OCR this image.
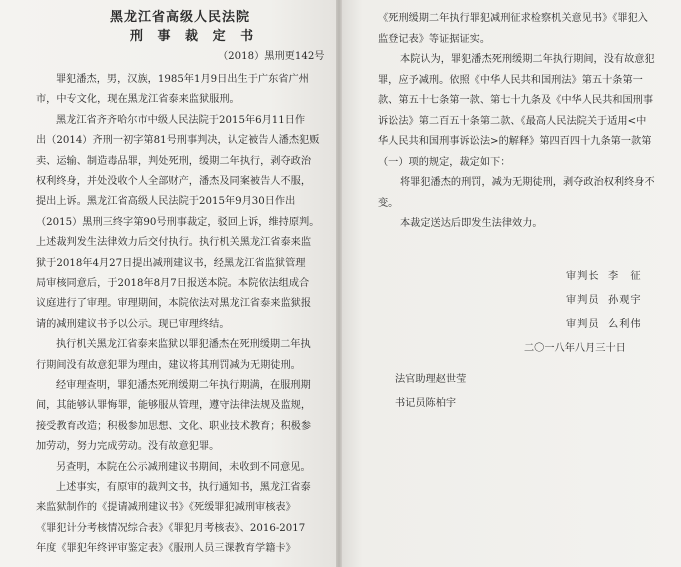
黑龙江省高级人民法院
刑 事 裁 定 书
（2018）黑刑更142号
罪犯潘杰，男，汉族，1985年1月9日出生于广东省广州
市，中专文化，现在黑龙江省泰来监狱服刑。
黑龙江省齐齐哈尔市中级人民法院于2015年6月11日作
出（2014）齐刑一初字第81号刑事判决，认定被告人潘杰犯贩
卖、运输、制造毒品罪，判处死刑，缓期二年执行，剥夺政治
权利终身，并处没收个人全部财产，潘杰及同案被告人不服，
提出上诉。黑龙江省高级人民法院于2015年9月30日作出
（2015）黑刑三终字第90号刑事裁定，驳回上诉，维持原判。
上述裁判发生法律效力后交付执行。执行机关黑龙江省泰来监
狱于2018年4月27日提出减刑建议书，经黑龙江省监狱管理
局审核同意后，于2018年8月7日报送本院。本院依法组成合
议庭进行了审理。审理期间，本院依法对黑龙江省泰来监狱报
请的减刑建议书予以公示。现已审理终结。
执行机关黑龙江省泰来监狱以罪犯潘杰在死刑缓期二年执
行期间没有故意犯罪为理由，建议将其刑罚减为无期徒刑。
经审理查明，罪犯潘杰死刑缓期二年执行期满，在服刑期
间，其能够认罪悔罪，能够服从管理，遵守法律法规及监规，
接受教育改造；积极参加思想、文化、职业技术教育；积极参
加劳动，努力完成劳动。没有故意犯罪。
另查明，本院在公示减刑建议书期间，未收到不同意见。
上述事实，有原审的裁判文书，执行通知书，黑龙江省泰
来监狱制作的《提请减刑建议书》《死缓罪犯减刑审核表》
《罪犯计分考核情况综合表》《罪犯月考核表》、2016-2017
年度《罪犯年终评审鉴定表》《服刑人员三课教育学籍卡》
《死刑缓期二年执行罪犯减刑征求检察机关意见书》《罪犯入
监登记表》等证据证实。
本院认为，罪犯潘杰死刑缓期二年执行期间，没有故意犯
罪，应予减刑。依照《中华人民共和国刑法》第五十条第一
款、第五十七条第一款、第七十九条及《中华人民共和国刑事
诉讼法》第二百五十条第二款、《最高人民法院关于适用<中
华人民共和国刑事诉讼法>的解释》第四百四十九条第一款第
（一）项的规定，裁定如下：
将罪犯潘杰的刑罚，减为无期徒刑，剥夺政治权利终身不
变。
本裁定送达后即发生法律效力。
审判长 李　征
审判员 孙观宇
审判员 么利伟
二〇一八年八月三十日
法官助理赵世莹
书记员陈柏宇
